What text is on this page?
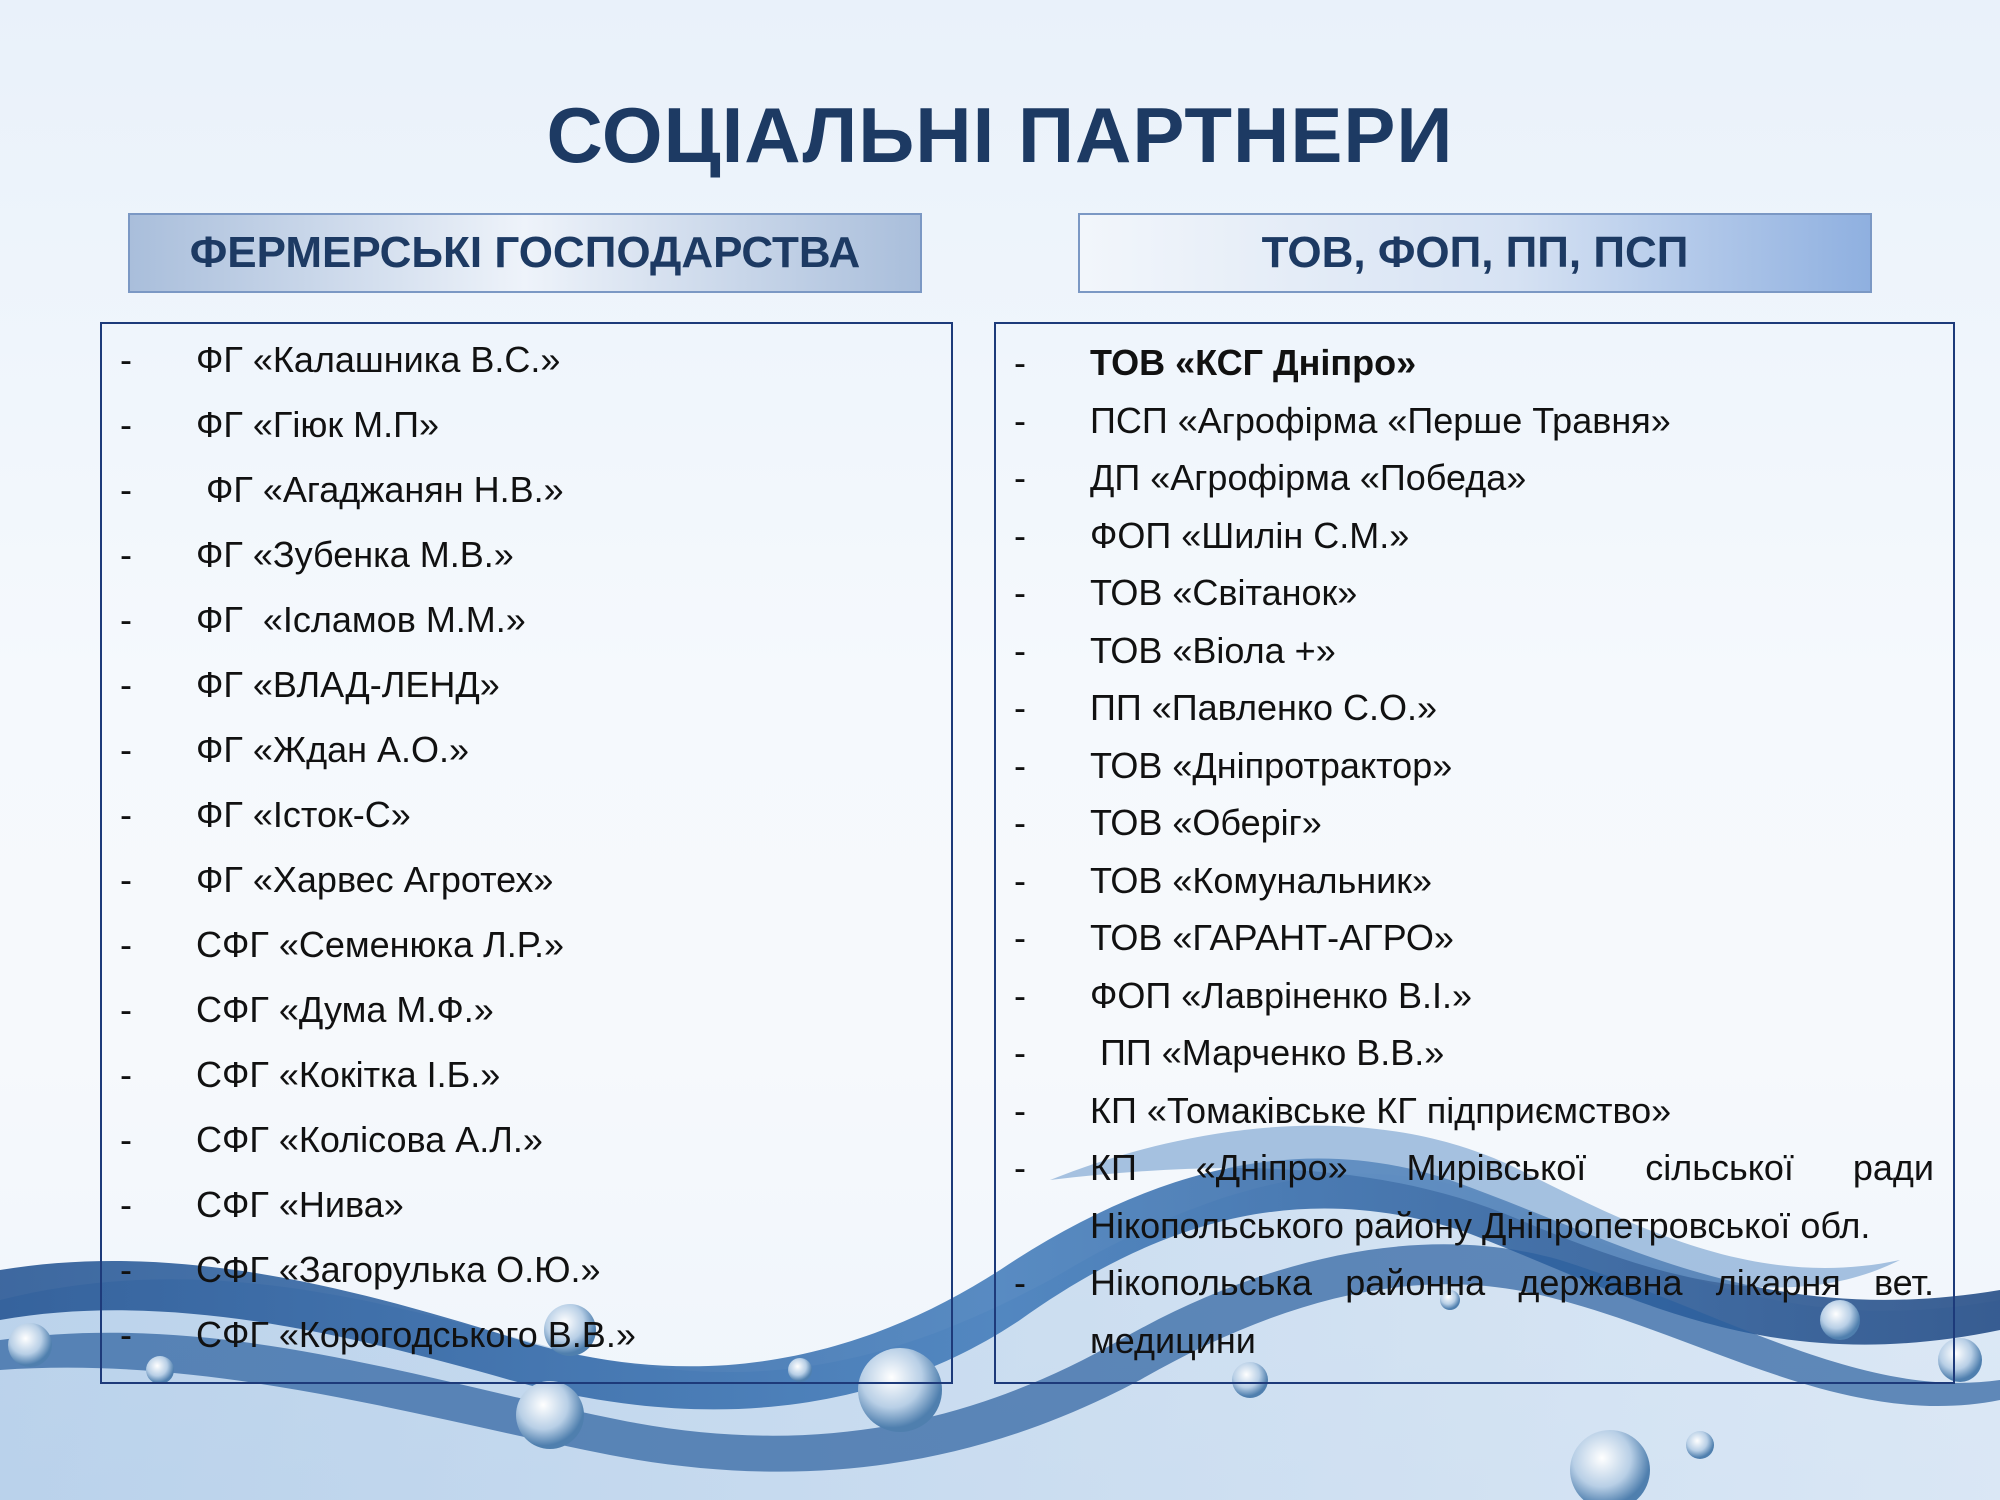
СОЦІАЛЬНІ ПАРТНЕРИ
ФЕРМЕРСЬКІ ГОСПОДАРСТВА	ТОВ, ФОП, ПП, ПСП
-	ФГ «Калашника В.С.»
-	ФГ «Гіюк М.П»
-	ФГ «Агаджанян Н.В.»
-	ФГ «Зубенка М.В.»
-	ФГ  «Ісламов М.М.»
-	ФГ «ВЛАД-ЛЕНД»
-	ФГ «Ждан А.О.»
-	ФГ «Істок-С»
-	ФГ «Харвес Агротех»
-	СФГ «Семенюка Л.Р.»
-	СФГ «Дума М.Ф.»
-	СФГ «Кокітка І.Б.»
-	СФГ «Колісова А.Л.»
-	СФГ «Нива»
-	СФГ «Загорулька О.Ю.»
-	СФГ «Корогодського В.В.»
-	ТОВ «КСГ Дніпро»
-	ПСП «Агрофірма «Перше Травня»
-	ДП «Агрофірма «Победа»
-	ФОП «Шилін С.М.»
-	ТОВ «Світанок»
-	ТОВ «Віола +»
-	ПП «Павленко С.О.»
-	ТОВ «Дніпротрактор»
-	ТОВ «Оберіг»
-	ТОВ «Комунальник»
-	ТОВ «ГАРАНТ-АГРО»
-	ФОП «Лавріненко В.І.»
-	ПП «Марченко В.В.»
-	КП «Томаківське КГ підприємство»
-	КП «Дніпро» Мирівської сільської ради Нікопольського району Дніпропетровської обл.
-	Нікопольська районна державна лікарня вет. медицини
